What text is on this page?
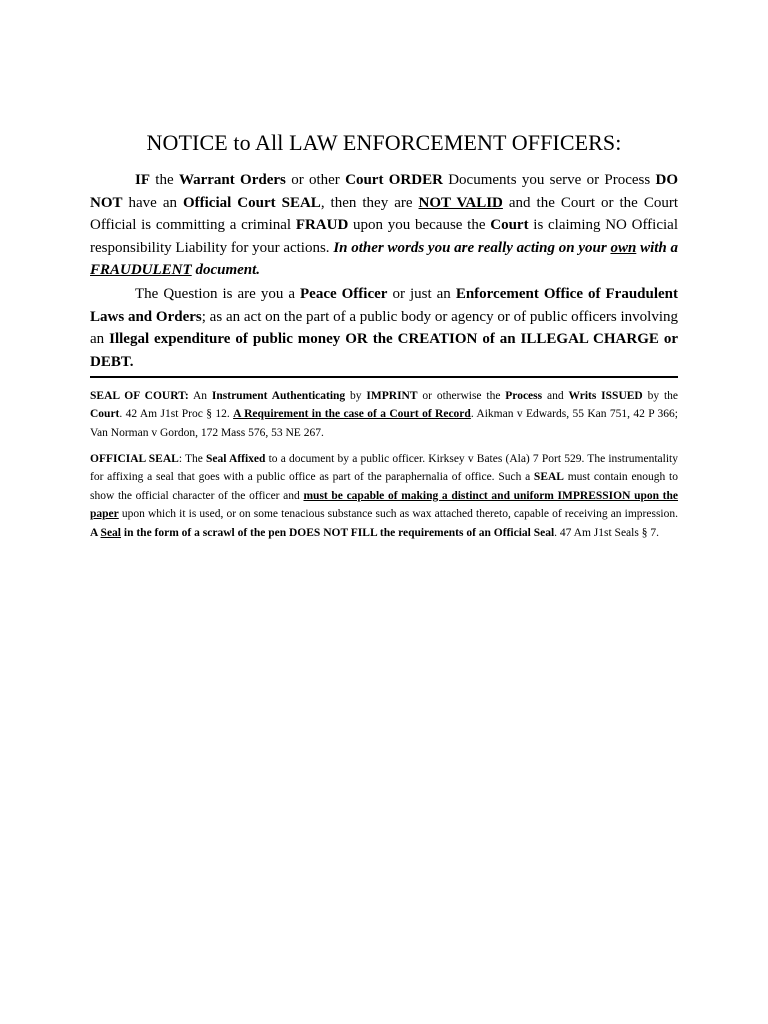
NOTICE to All LAW ENFORCEMENT OFFICERS:

IF the Warrant Orders or other Court ORDER Documents you serve or Process DO NOT have an Official Court SEAL, then they are NOT VALID and the Court or the Court Official is committing a criminal FRAUD upon you because the Court is claiming NO Official responsibility Liability for your actions. In other words you are really acting on your own with a FRAUDULENT document.

The Question is are you a Peace Officer or just an Enforcement Office of Fraudulent Laws and Orders; as an act on the part of a public body or agency or of public officers involving an Illegal expenditure of public money OR the CREATION of an ILLEGAL CHARGE or DEBT.

SEAL OF COURT: An Instrument Authenticating by IMPRINT or otherwise the Process and Writs ISSUED by the Court. 42 Am J1st Proc § 12. A Requirement in the case of a Court of Record. Aikman v Edwards, 55 Kan 751, 42 P 366; Van Norman v Gordon, 172 Mass 576, 53 NE 267.

OFFICIAL SEAL: The Seal Affixed to a document by a public officer. Kirksey v Bates (Ala) 7 Port 529. The instrumentality for affixing a seal that goes with a public office as part of the paraphernalia of office. Such a SEAL must contain enough to show the official character of the officer and must be capable of making a distinct and uniform IMPRESSION upon the paper upon which it is used, or on some tenacious substance such as wax attached thereto, capable of receiving an impression. A Seal in the form of a scrawl of the pen DOES NOT FILL the requirements of an Official Seal. 47 Am J1st Seals § 7.
